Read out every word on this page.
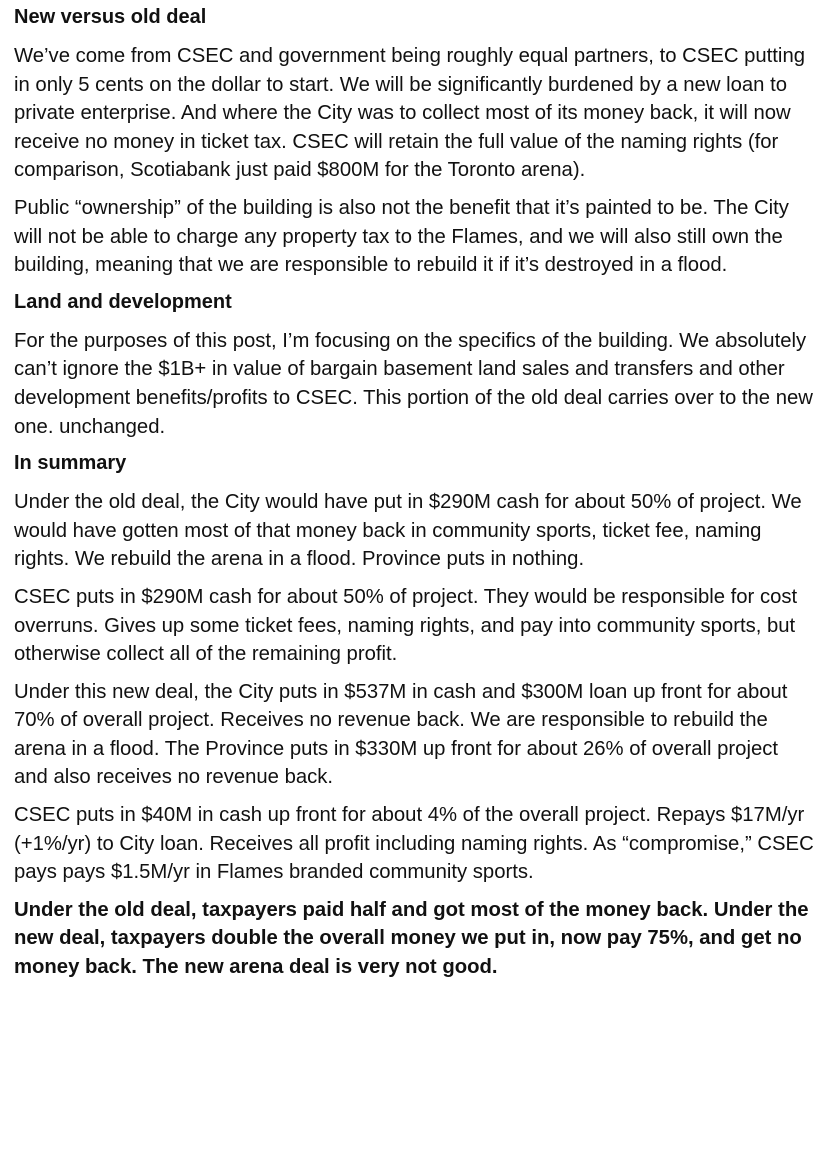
New versus old deal
We’ve come from CSEC and government being roughly equal partners, to CSEC putting in only 5 cents on the dollar to start. We will be significantly burdened by a new loan to private enterprise. And where the City was to collect most of its money back, it will now receive no money in ticket tax. CSEC will retain the full value of the naming rights (for comparison, Scotiabank just paid $800M for the Toronto arena).
Public “ownership” of the building is also not the benefit that it’s painted to be. The City will not be able to charge any property tax to the Flames, and we will also still own the building, meaning that we are responsible to rebuild it if it’s destroyed in a flood.
Land and development
For the purposes of this post, I’m focusing on the specifics of the building. We absolutely can’t ignore the $1B+ in value of bargain basement land sales and transfers and other development benefits/profits to CSEC. This portion of the old deal carries over to the new one. unchanged.
In summary
Under the old deal, the City would have put in $290M cash for about 50% of project. We would have gotten most of that money back in community sports, ticket fee, naming rights. We rebuild the arena in a flood. Province puts in nothing.
CSEC puts in $290M cash for about 50% of project. They would be responsible for cost overruns. Gives up some ticket fees, naming rights, and pay into community sports, but otherwise collect all of the remaining profit.
Under this new deal, the City puts in $537M in cash and $300M loan up front for about 70% of overall project. Receives no revenue back. We are responsible to rebuild the arena in a flood. The Province puts in $330M up front for about 26% of overall project and also receives no revenue back.
CSEC puts in $40M in cash up front for about 4% of the overall project. Repays $17M/yr (+1%/yr) to City loan. Receives all profit including naming rights. As “compromise,” CSEC pays pays $1.5M/yr in Flames branded community sports.
Under the old deal, taxpayers paid half and got most of the money back. Under the new deal, taxpayers double the overall money we put in, now pay 75%, and get no money back. The new arena deal is very not good.
